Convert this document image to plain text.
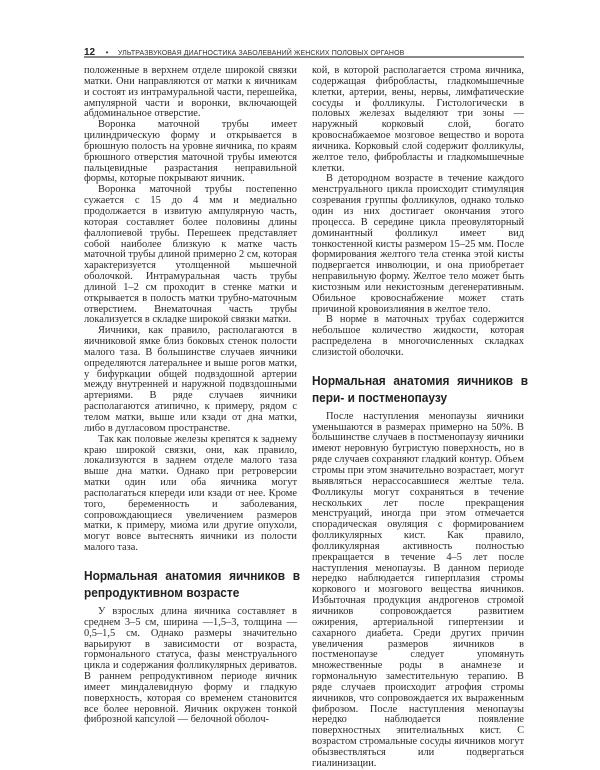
12 • УЛЬТРАЗВУКОВАЯ ДИАГНОСТИКА ЗАБОЛЕВАНИЙ ЖЕНСКИХ ПОЛОВЫХ ОРГАНОВ

положенные в верхнем отделе широкой связки матки. Они направляются от матки к яичникам и состоят из интрамуральной части, перешейка, ампулярной части и воронки, включающей абдоминальное отверстие.

Воронка маточной трубы имеет цилиндрическую форму и открывается в брюшную полость на уровне яичника, по краям брюшного отверстия маточной трубы имеются пальцевидные разрастания неправильной формы, которые покрывают яичник.

Воронка маточной трубы постепенно сужается с 15 до 4 мм и медиально продолжается в извитую ампулярную часть, которая составляет более половины длины фаллопиевой трубы. Перешеек представляет собой наиболее близкую к матке часть маточной трубы длиной примерно 2 см, которая характеризуется утолщенной мышечной оболочкой. Интрамуральная часть трубы длиной 1–2 см проходит в стенке матки и открывается в полость матки трубно-маточным отверстием. Внематочная часть трубы локализуется в складке широкой связки матки.

Яичники, как правило, располагаются в яичниковой ямке близ боковых стенок полости малого таза. В большинстве случаев яичники определяются латеральнее и выше рогов матки, у бифуркации общей подвздошной артерии между внутренней и наружной подвздошными артериями. В ряде случаев яичники располагаются атипично, к примеру, рядом с телом матки, выше или кзади от дна матки, либо в дугласовом пространстве.

Так как половые железы крепятся к заднему краю широкой связки, они, как правило, локализуются в заднем отделе малого таза выше дна матки. Однако при ретроверсии матки один или оба яичника могут располагаться кпереди или кзади от нее. Кроме того, беременность и заболевания, сопровождающиеся увеличением размеров матки, к примеру, миома или другие опухоли, могут вовсе вытеснять яичники из полости малого таза.

Нормальная анатомия яичников в репродуктивном возрасте

У взрослых длина яичника составляет в среднем 3–5 см, ширина —1,5–3, толщина — 0,5–1,5 см. Однако размеры значительно варьируют в зависимости от возраста, гормонального статуса, фазы менструального цикла и содержания фолликулярных дериватов. В раннем репродуктивном периоде яичник имеет миндалевидную форму и гладкую поверхность, которая со временем становится все более неровной. Яичник окружен тонкой фиброзной капсулой — белочной оболоч-

кой, в которой располагается строма яичника, содержащая фибробласты, гладкомышечные клетки, артерии, вены, нервы, лимфатические сосуды и фолликулы. Гистологически в половых железах выделяют три зоны — наружный корковый слой, богато кровоснабжаемое мозговое вещество и ворота яичника. Корковый слой содержит фолликулы, желтое тело, фибробласты и гладкомышечные клетки.

В детородном возрасте в течение каждого менструального цикла происходит стимуляция созревания группы фолликулов, однако только один из них достигает окончания этого процесса. В середине цикла преовуляторный доминантный фолликул имеет вид тонкостенной кисты размером 15–25 мм. После формирования желтого тела стенка этой кисты подвергается инволюции, и она приобретает неправильную форму. Желтое тело может быть кистозным или некистозным дегенеративным. Обильное кровоснабжение может стать причиной кровоизлияния в желтое тело.

В норме в маточных трубах содержится небольшое количество жидкости, которая распределена в многочисленных складках слизистой оболочки.

Нормальная анатомия яичников в пери- и постменопаузу

После наступления менопаузы яичники уменьшаются в размерах примерно на 50%. В большинстве случаев в постменопаузу яичники имеют неровную бугристую поверхность, но в ряде случаев сохраняют гладкий контур. Объем стромы при этом значительно возрастает, могут выявляться нерассосавшиеся желтые тела. Фолликулы могут сохраняться в течение нескольких лет после прекращения менструаций, иногда при этом отмечается спорадическая овуляция с формированием фолликулярных кист. Как правило, фолликулярная активность полностью прекращается в течение 4–5 лет после наступления менопаузы. В данном периоде нередко наблюдается гиперплазия стромы коркового и мозгового вещества яичников. Избыточная продукция андрогенов стромой яичников сопровождается развитием ожирения, артериальной гипертензии и сахарного диабета. Среди других причин увеличения размеров яичников в постменопаузе следует упомянуть множественные роды в анамнезе и гормональную заместительную терапию. В ряде случаев происходит атрофия стромы яичников, что сопровождается их выраженным фиброзом. После наступления менопаузы нередко наблюдается появление поверхностных эпителиальных кист. С возрастом стромальные сосуды яичников могут обызвествляться или подвергаться гиалинизации.
